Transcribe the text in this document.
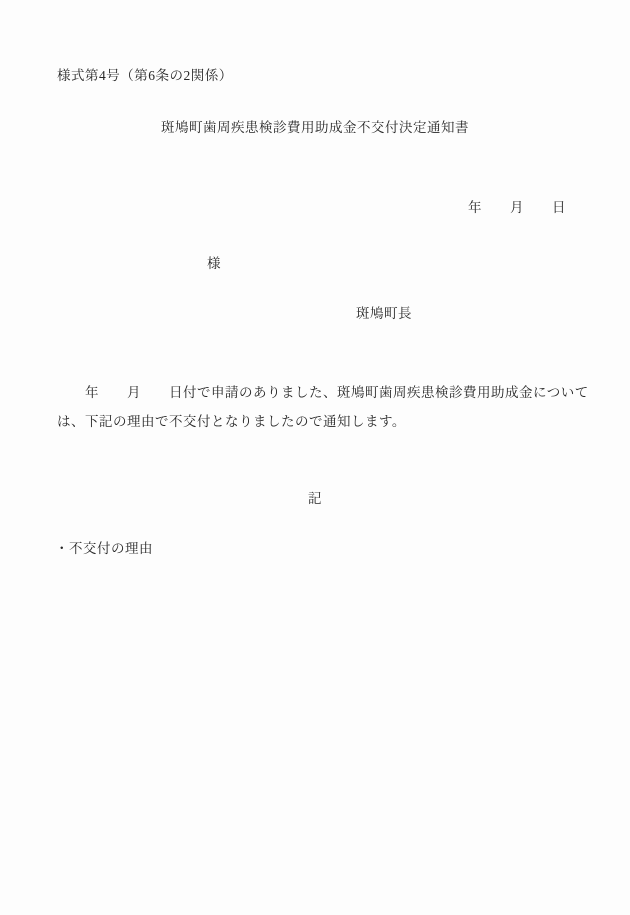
様式第4号（第6条の2関係）
斑鳩町歯周疾患検診費用助成金不交付決定通知書
年　　月　　日
様
斑鳩町長
　　年　　月　　日付で申請のありました、斑鳩町歯周疾患検診費用助成金について
は、下記の理由で不交付となりましたので通知します。
記
・不交付の理由
